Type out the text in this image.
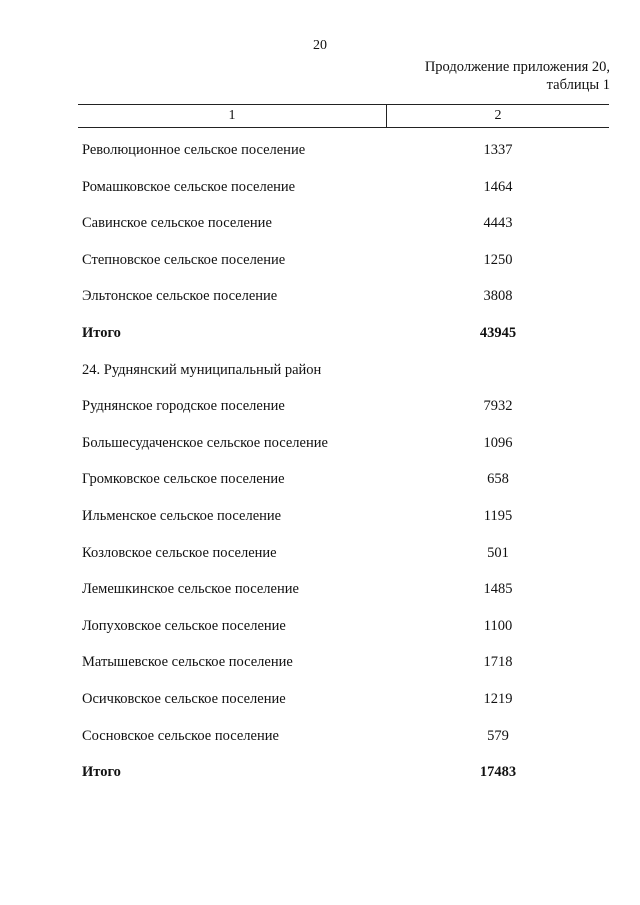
20
Продолжение приложения 20,
таблицы 1
1	2
Революционное сельское поселение	1337
Ромашковское сельское поселение	1464
Савинское сельское поселение	4443
Степновское сельское поселение	1250
Эльтонское сельское поселение	3808
Итого	43945
24. Руднянский муниципальный район
Руднянское городское поселение	7932
Большесудаченское сельское поселение	1096
Громковское сельское поселение	658
Ильменское сельское поселение	1195
Козловское сельское поселение	501
Лемешкинское сельское поселение	1485
Лопуховское сельское поселение	1100
Матышевское сельское поселение	1718
Осичковское сельское поселение	1219
Сосновское сельское поселение	579
Итого	17483
